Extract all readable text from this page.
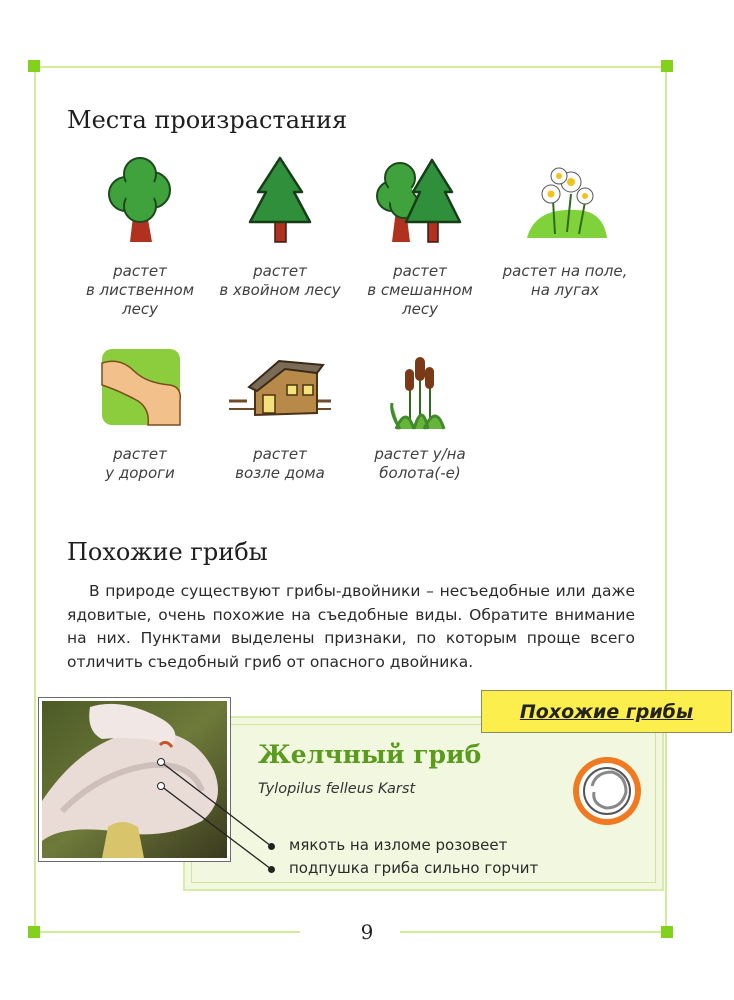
Места произрастания
растет
в лиственном
лесу
растет
в хвойном лесу
растет
в смешанном
лесу
растет на поле,
на лугах
растет
у дороги
растет
возле дома
растет у/на
болота(-е)
Похожие грибы
В природе существуют грибы-двойники – несъедобные или даже ядовитые, очень похожие на съедобные виды. Обратите внимание на них. Пунктами выделены признаки, по которым проще всего отличить съедобный гриб от опасного двойника.
Похожие грибы
Желчный гриб
Tylopilus felleus Karst
мякоть на изломе розовеет
подпушка гриба сильно горчит
9
